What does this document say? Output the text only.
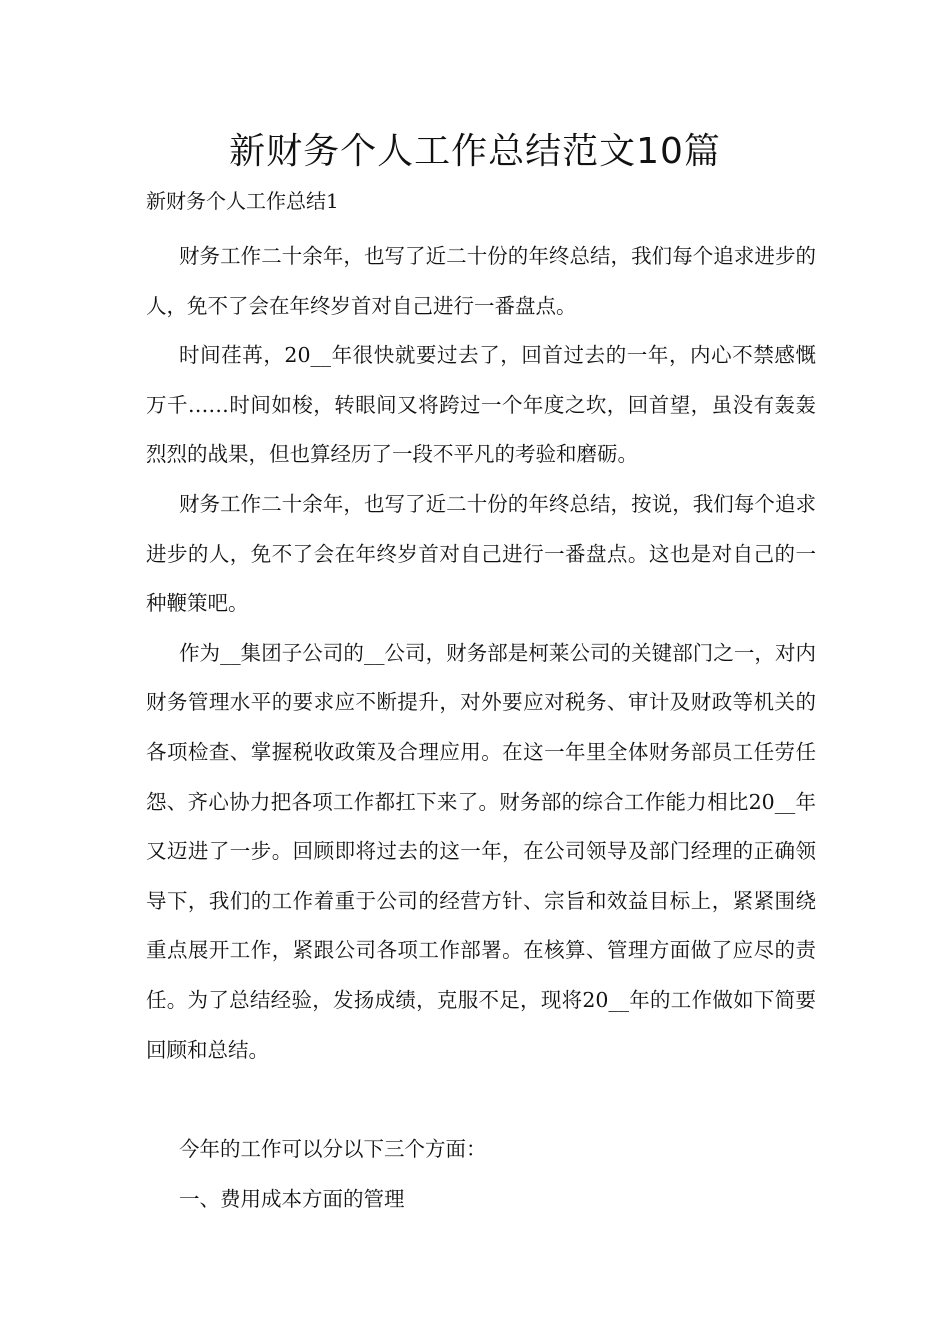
新财务个人工作总结范文10篇

新财务个人工作总结1

财务工作二十余年，也写了近二十份的年终总结，我们每个追求进步的人，免不了会在年终岁首对自己进行一番盘点。

时间荏苒，20__年很快就要过去了，回首过去的一年，内心不禁感慨万千……时间如梭，转眼间又将跨过一个年度之坎，回首望，虽没有轰轰烈烈的战果，但也算经历了一段不平凡的考验和磨砺。

财务工作二十余年，也写了近二十份的年终总结，按说，我们每个追求进步的人，免不了会在年终岁首对自己进行一番盘点。这也是对自己的一种鞭策吧。

作为__集团子公司的__公司，财务部是柯莱公司的关键部门之一，对内财务管理水平的要求应不断提升，对外要应对税务、审计及财政等机关的各项检查、掌握税收政策及合理应用。在这一年里全体财务部员工任劳任怨、齐心协力把各项工作都扛下来了。财务部的综合工作能力相比20__年又迈进了一步。回顾即将过去的这一年，在公司领导及部门经理的正确领导下，我们的工作着重于公司的经营方针、宗旨和效益目标上，紧紧围绕重点展开工作，紧跟公司各项工作部署。在核算、管理方面做了应尽的责任。为了总结经验，发扬成绩，克服不足，现将20__年的工作做如下简要回顾和总结。

今年的工作可以分以下三个方面：

一、费用成本方面的管理
